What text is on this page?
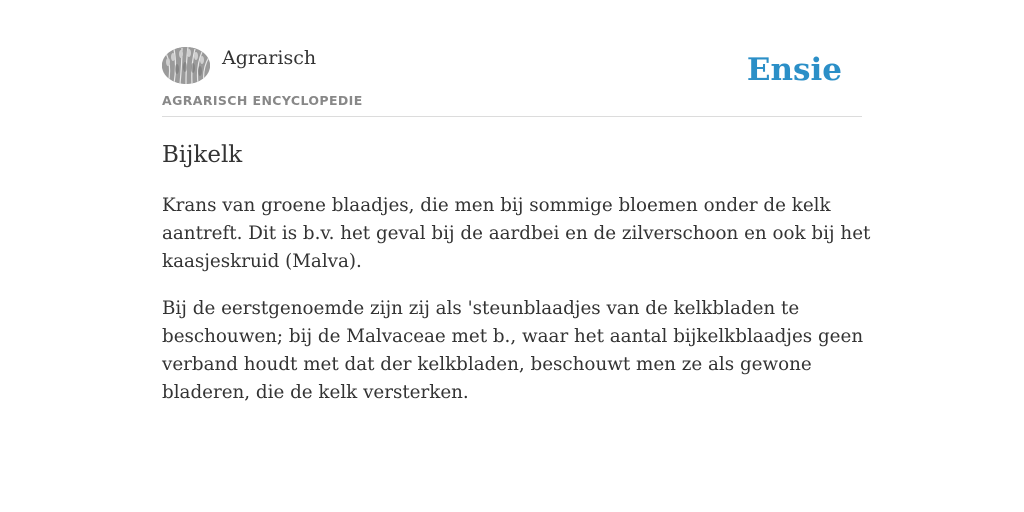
Agrarisch
AGRARISCH ENCYCLOPEDIE
Ensie
Bijkelk

Krans van groene blaadjes, die men bij sommige bloemen onder de kelk aantreft. Dit is b.v. het geval bij de aardbei en de zilverschoon en ook bij het kaasjeskruid (Malva).

Bij de eerstgenoemde zijn zij als 'steunblaadjes van de kelkbladen te beschouwen; bij de Malvaceae met b., waar het aantal bijkelkblaadjes geen verband houdt met dat der kelkbladen, beschouwt men ze als gewone bladeren, die de kelk versterken.
